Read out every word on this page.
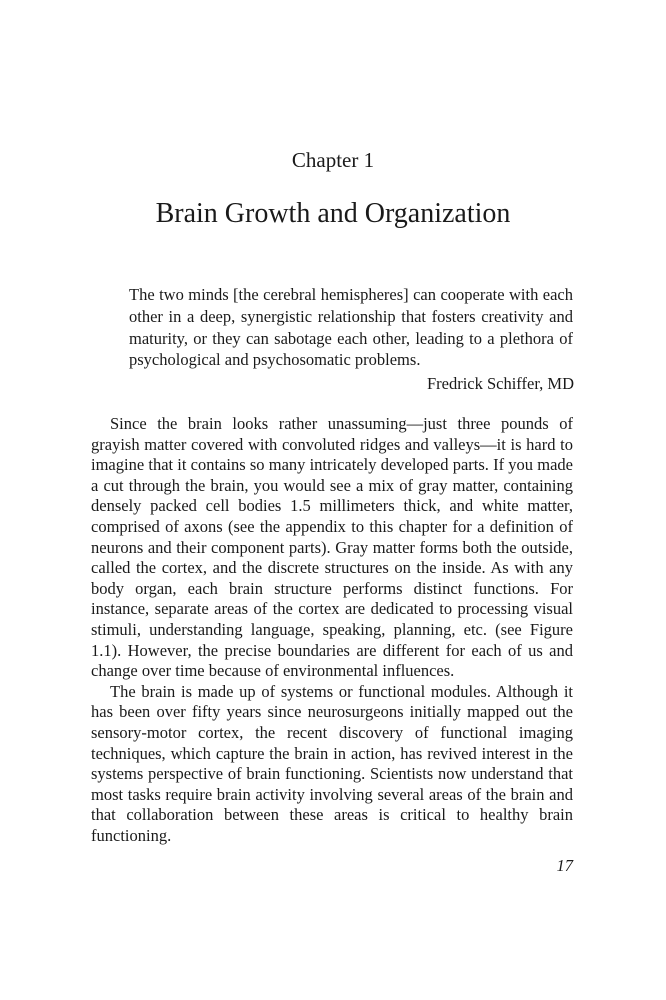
Chapter 1
Brain Growth and Organization

The two minds [the cerebral hemispheres] can cooperate with each other in a deep, synergistic relationship that fosters creativity and maturity, or they can sabotage each other, leading to a plethora of psychological and psychosomatic problems.

Fredrick Schiffer, MD

Since the brain looks rather unassuming—just three pounds of grayish matter covered with convoluted ridges and valleys—it is hard to imagine that it contains so many intricately developed parts. If you made a cut through the brain, you would see a mix of gray matter, containing densely packed cell bodies 1.5 millimeters thick, and white matter, comprised of axons (see the appendix to this chapter for a definition of neurons and their component parts). Gray matter forms both the outside, called the cortex, and the discrete structures on the inside. As with any body organ, each brain structure performs distinct functions. For instance, separate areas of the cortex are dedicated to processing visual stimuli, understanding language, speaking, planning, etc. (see Figure 1.1). However, the precise boundaries are different for each of us and change over time because of environmental influences.

The brain is made up of systems or functional modules. Although it has been over fifty years since neurosurgeons initially mapped out the sensory-motor cortex, the recent discovery of functional imaging techniques, which capture the brain in action, has revived interest in the systems perspective of brain functioning. Scientists now understand that most tasks require brain activity involving several areas of the brain and that collaboration between these areas is critical to healthy brain functioning.

17
